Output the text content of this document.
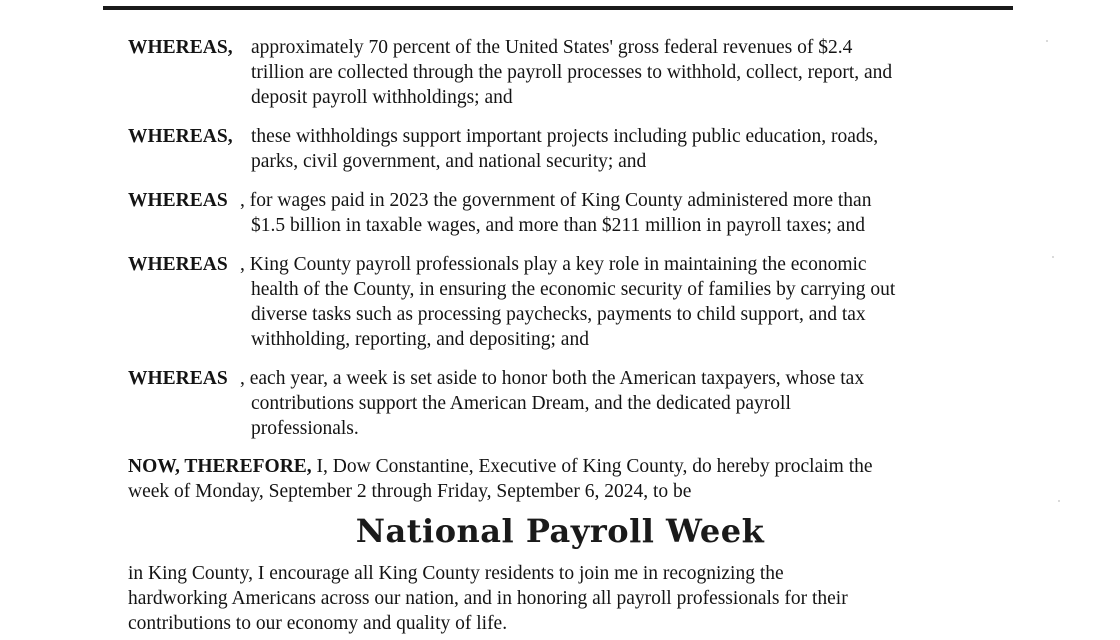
WHEREAS, approximately 70 percent of the United States' gross federal revenues of $2.4
trillion are collected through the payroll processes to withhold, collect, report, and
deposit payroll withholdings; and
WHEREAS, these withholdings support important projects including public education, roads,
parks, civil government, and national security; and
WHEREAS , for wages paid in 2023 the government of King County administered more than
$1.5 billion in taxable wages, and more than $211 million in payroll taxes; and
WHEREAS , King County payroll professionals play a key role in maintaining the economic
health of the County, in ensuring the economic security of families by carrying out
diverse tasks such as processing paychecks, payments to child support, and tax
withholding, reporting, and depositing; and
WHEREAS , each year, a week is set aside to honor both the American taxpayers, whose tax
contributions support the American Dream, and the dedicated payroll
professionals.
NOW, THEREFORE, I, Dow Constantine, Executive of King County, do hereby proclaim the
week of Monday, September 2 through Friday, September 6, 2024, to be
National Payroll Week
in King County, I encourage all King County residents to join me in recognizing the
hardworking Americans across our nation, and in honoring all payroll professionals for their
contributions to our economy and quality of life.
